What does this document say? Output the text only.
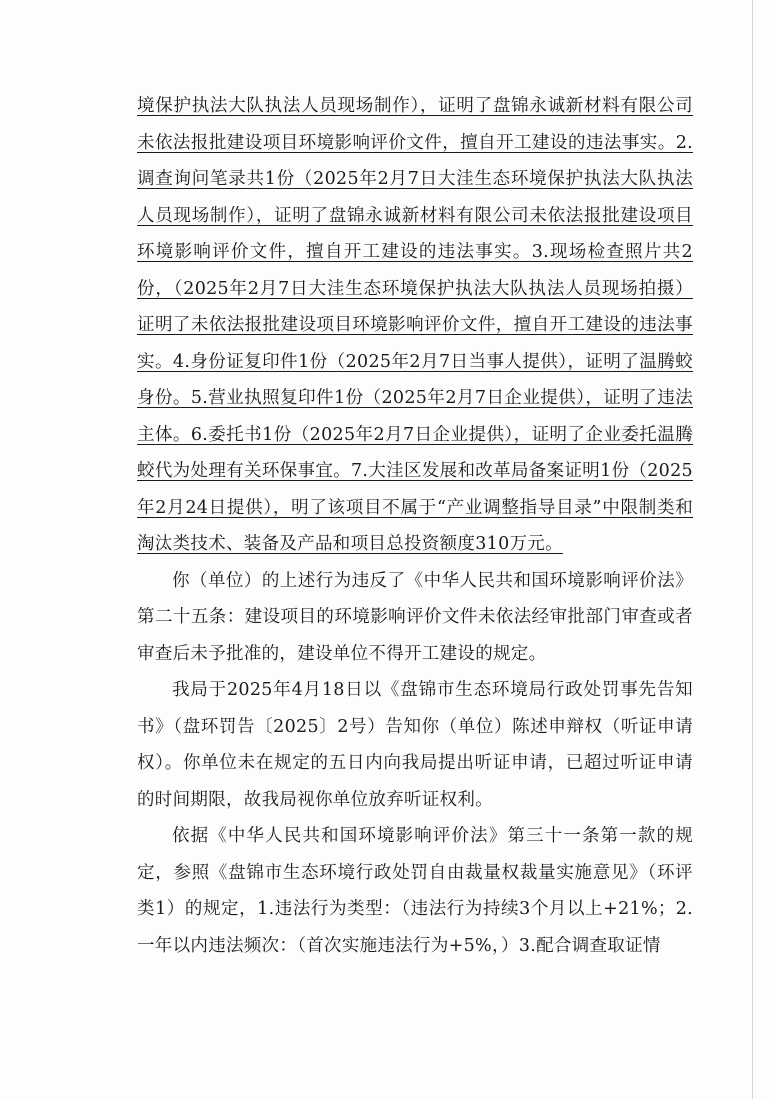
境保护执法大队执法人员现场制作），证明了盘锦永诚新材料有限公司未依法报批建设项目环境影响评价文件，擅自开工建设的违法事实。2.调查询问笔录共1份（2025年2月7日大洼生态环境保护执法大队执法人员现场制作），证明了盘锦永诚新材料有限公司未依法报批建设项目环境影响评价文件，擅自开工建设的违法事实。3.现场检查照片共2份，（2025年2月7日大洼生态环境保护执法大队执法人员现场拍摄）证明了未依法报批建设项目环境影响评价文件，擅自开工建设的违法事实。4.身份证复印件1份（2025年2月7日当事人提供），证明了温腾蛟身份。5.营业执照复印件1份（2025年2月7日企业提供），证明了违法主体。6.委托书1份（2025年2月7日企业提供），证明了企业委托温腾蛟代为处理有关环保事宜。7.大洼区发展和改革局备案证明1份（2025年2月24日提供），明了该项目不属于“产业调整指导目录”中限制类和淘汰类技术、装备及产品和项目总投资额度310万元。

你（单位）的上述行为违反了《中华人民共和国环境影响评价法》第二十五条：建设项目的环境影响评价文件未依法经审批部门审查或者审查后未予批准的，建设单位不得开工建设的规定。

我局于2025年4月18日以《盘锦市生态环境局行政处罚事先告知书》（盘环罚告〔2025〕2号）告知你（单位）陈述申辩权（听证申请权）。你单位未在规定的五日内向我局提出听证申请，已超过听证申请的时间期限，故我局视你单位放弃听证权利。

依据《中华人民共和国环境影响评价法》第三十一条第一款的规定，参照《盘锦市生态环境行政处罚自由裁量权裁量实施意见》（环评类1）的规定，1.违法行为类型：（违法行为持续3个月以上+21%；2.一年以内违法频次：（首次实施违法行为+5%，）3.配合调查取证情
